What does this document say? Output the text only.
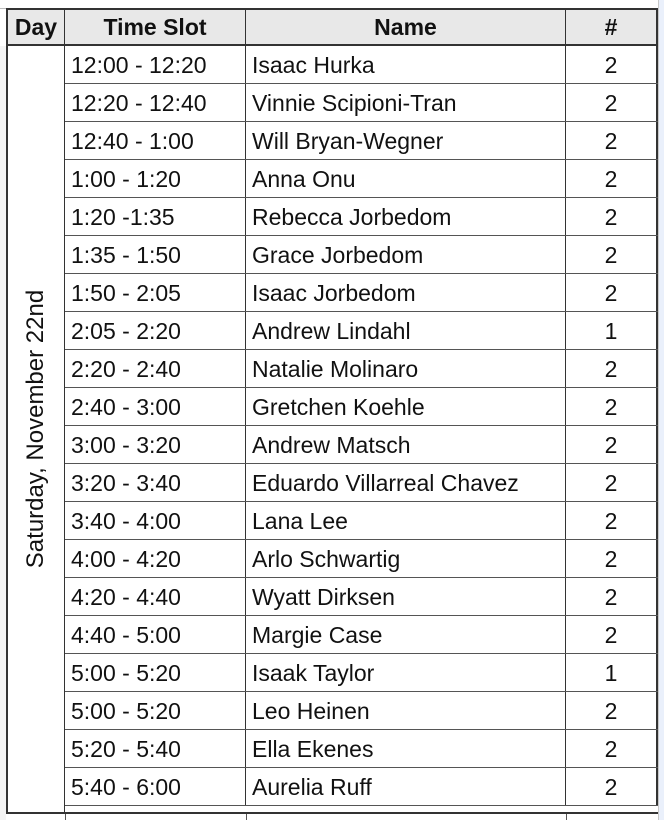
Day	Time Slot	Name	#
Saturday, November 22nd
12:00 - 12:20	Isaac Hurka	2
12:20 - 12:40	Vinnie Scipioni-Tran	2
12:40 - 1:00	Will Bryan-Wegner	2
1:00 - 1:20	Anna Onu	2
1:20 -1:35	Rebecca Jorbedom	2
1:35 - 1:50	Grace Jorbedom	2
1:50 - 2:05	Isaac Jorbedom	2
2:05 - 2:20	Andrew Lindahl	1
2:20 - 2:40	Natalie Molinaro	2
2:40 - 3:00	Gretchen Koehle	2
3:00 - 3:20	Andrew Matsch	2
3:20 - 3:40	Eduardo Villarreal Chavez	2
3:40 - 4:00	Lana Lee	2
4:00 - 4:20	Arlo Schwartig	2
4:20 - 4:40	Wyatt Dirksen	2
4:40 - 5:00	Margie Case	2
5:00 - 5:20	Isaak Taylor	1
5:00 - 5:20	Leo Heinen	2
5:20 - 5:40	Ella Ekenes	2
5:40 - 6:00	Aurelia Ruff	2
